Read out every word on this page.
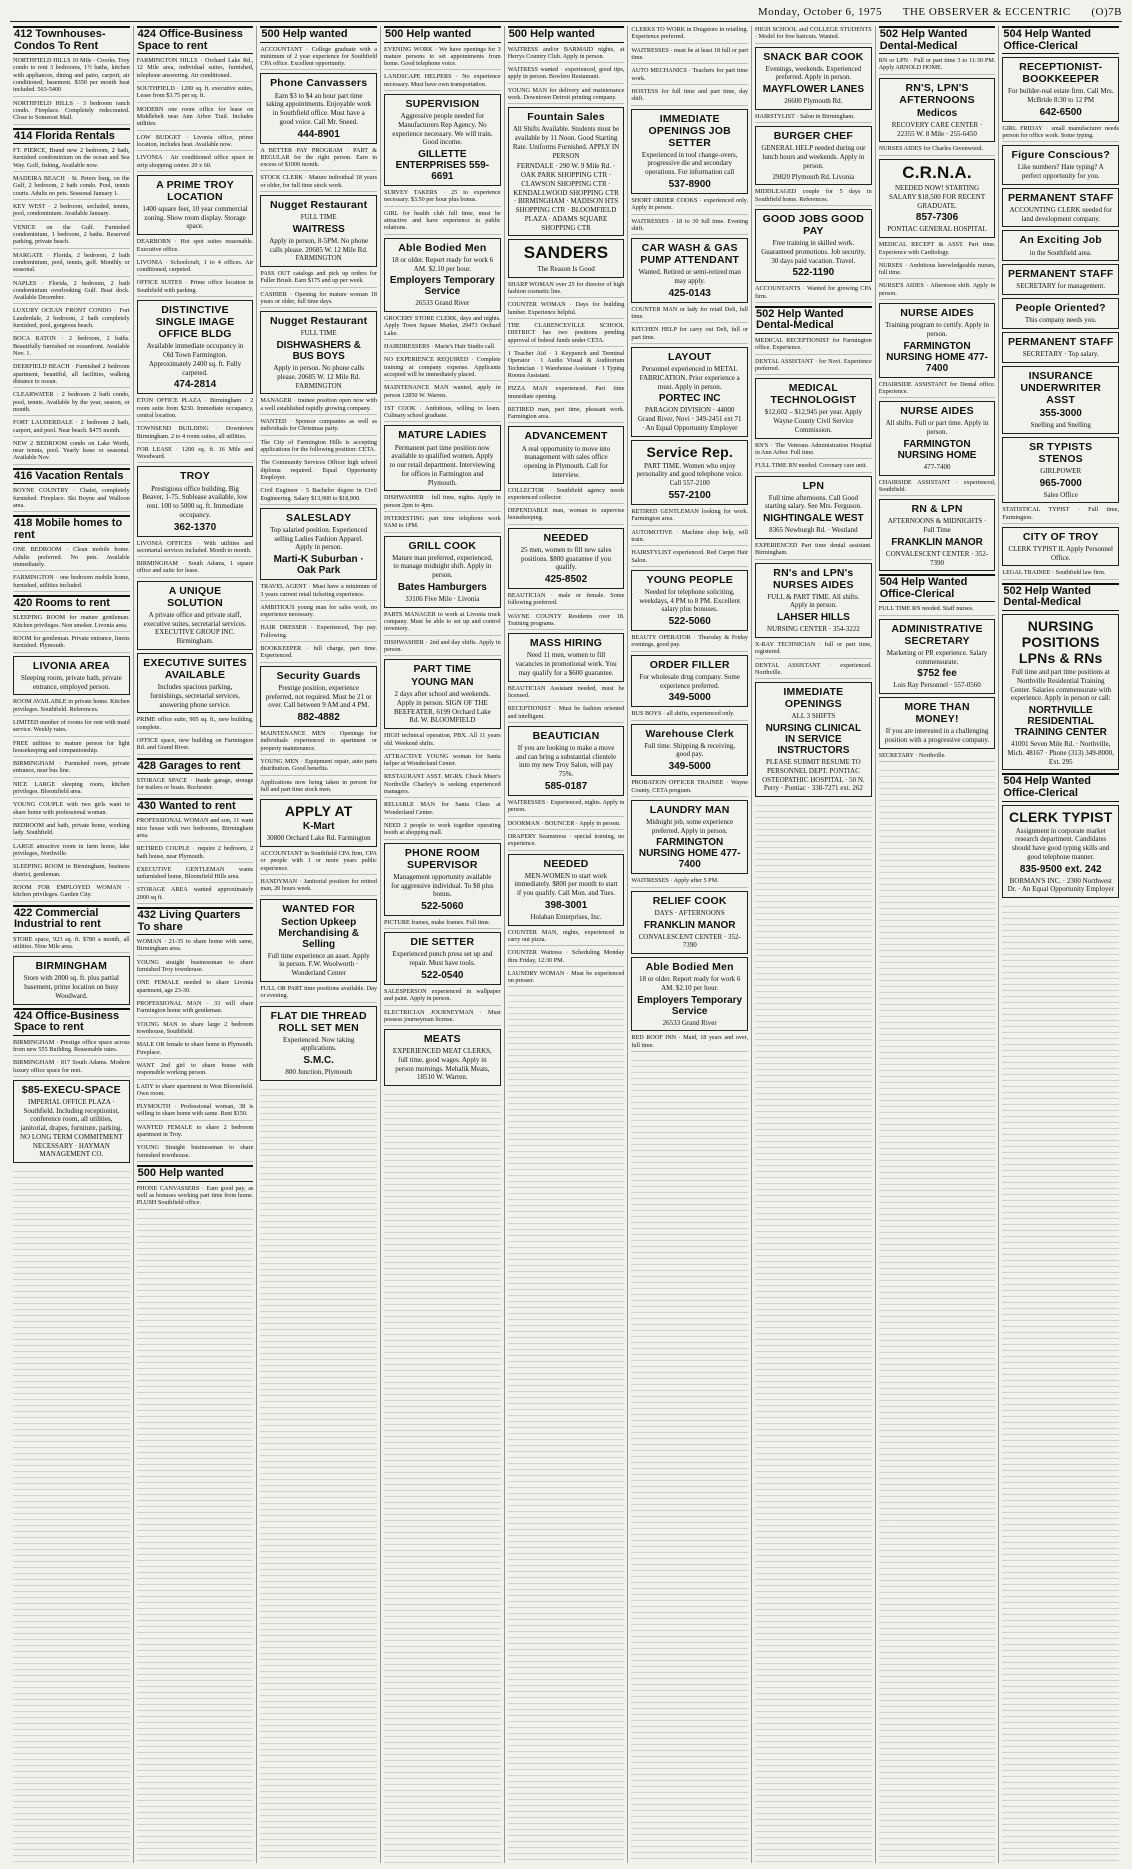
Monday, October 6, 1975 THE OBSERVER & ECCENTRIC (O)7B
412 Townhouses-Condos To Rent
NORTHFIELD HILLS 10 Mile · Crooks. Troy condo to rent 3 bedrooms, 1½ baths, kitchen with appliances, dining and patio, carport, air conditioned, basement. $350 per month heat included. 563-5400
NORTHFIELD HILLS · 3 bedroom ranch condo. Fireplace. Completely redecorated. Close to Somerset Mall.
414 Florida Rentals
FT. PIERCE, Brand new 2 bedroom, 2 bath, furnished condominium on the ocean and Sea Way. Golf, fishing, Available now.
MADEIRA BEACH · St. Peters burg, on the Gulf, 2 bedroom, 2 bath condo. Pool, tennis courts. Adults no pets. Seasonal January 1.
KEY WEST · 2 bedroom, secluded, tennis, pool, condominium. Available January.
VENICE on the Gulf. Furnished condominium, 1 bedroom, 2 baths. Reserved parking, private beach.
MARGATE · Florida, 2 bedroom, 2 bath condominium, pool, tennis, golf. Monthly or seasonal.
NAPLES · Florida, 2 bedroom, 2 bath condominium overlooking Gulf. Boat dock. Available December.
LUXURY OCEAN FRONT CONDO · Fort Lauderdale, 2 bedroom, 2 bath completely furnished, pool, gorgeous beach.
BOCA RATON · 2 bedroom, 2 baths. Beautifully furnished on oceanfront. Available Nov. 1.
DEERFIELD BEACH · Furnished 2 bedroom apartment, beautiful, all facilities, walking distance to ocean.
CLEARWATER · 2 bedroom 2 bath condo, pool, tennis. Available by the year, season, or month.
FORT LAUDERDALE · 2 bedroom 2 bath, carport, and pool. Near beach. $475 month.
NEW 2 BEDROOM condo on Lake Worth, near tennis, pool. Yearly lease or seasonal. Available Nov.
416 Vacation Rentals
BOYNE COUNTRY · Chalet, completely furnished. Fireplace. Ski Boyne and Walloon area.
418 Mobile homes to rent
ONE BEDROOM · Clean mobile home. Adults preferred. No pets. Available immediately.
FARMINGTON · one bedroom mobile home, furnished, utilities included.
420 Rooms to rent
SLEEPING ROOM for mature gentleman. Kitchen privileges. Non smoker. Livonia area.
ROOM for gentleman. Private entrance, linens furnished. Plymouth.
LIVONIA AREA
Sleeping room, private bath, private entrance, employed person.
ROOM AVAILABLE in private home. Kitchen privileges. Southfield. References.
LIMITED number of rooms for rent with maid service. Weekly rates.
FREE utilities to mature person for light housekeeping and companionship.
BIRMINGHAM · Furnished room, private entrance, near bus line.
NICE LARGE sleeping room, kitchen privileges. Bloomfield area.
YOUNG COUPLE with two girls want to share home with professional woman.
BEDROOM and bath, private home, working lady. Southfield.
LARGE attractive room in farm home, lake privileges, Northville.
SLEEPING ROOM in Birmingham, business district, gentleman.
ROOM FOR EMPLOYED WOMAN · kitchen privileges. Garden City.
422 Commercial Industrial to rent
STORE space, 923 sq. ft. $780 a month, all utilities. Nine Mile area.
BIRMINGHAM
Store with 2000 sq. ft. plus partial basement, prime location on busy Woodward.
424 Office-Business Space to rent
BIRMINGHAM · Prestige office space across from new 555 Building. Reasonable rates.
BIRMINGHAM · 817 South Adams. Modern luxury office space for rent.
$85-EXECU-SPACE
IMPERIAL OFFICE PLAZA · Southfield. Including receptionist, conference room, all utilities, janitorial, drapes, furniture, parking. NO LONG TERM COMMITMENT NECESSARY · HAYMAN MANAGEMENT CO.
424 Office-Business Space to rent
FARMINGTON HILLS · Orchard Lake Rd., 12 Mile area, individual suites, furnished, telephone answering. Air conditioned.
SOUTHFIELD · 1200 sq. ft. executive suites, Lease from $3.75 per sq. ft.
MODERN one room office for lease on Middlebelt near Ann Arbor Trail. Includes utilities.
LOW BUDGET · Livonia office, prime location, includes heat. Available now.
LIVONIA · Air conditioned office space in strip shopping center. 20 x 60.
A PRIME TROY LOCATION
1400 square feet, 10 year commercial zoning. Show room display. Storage space.
DEARBORN · Hot spot suites reasonable. Executive office.
LIVONIA · Schoolcraft, 1 to 4 offices. Air conditioned, carpeted.
OFFICE SUITES · Prime office location in Southfield with parking.
DISTINCTIVE SINGLE IMAGE OFFICE BLDG
Available immediate occupancy in Old Town Farmington. Approximately 2400 sq. ft. Fully carpeted.
474-2814
ETON OFFICE PLAZA · Birmingham · 2 room suite from $230. Immediate occupancy, central location.
TOWNSEND BUILDING · Downtown Birmingham. 2 to 4 room suites, all utilities.
FOR LEASE · 1200 sq. ft. 16 Mile and Woodward.
TROY
Prestigious office building, Big Beaver, 1-75. Sublease available, low rent. 100 to 5000 sq. ft. Immediate occupancy.
362-1370
LIVONIA OFFICES · With utilities and secretarial services included. Month to month.
BIRMINGHAM · South Adams, 1 square office and suite for lease.
A UNIQUE SOLUTION
A private office and private staff, executive suites, secretarial services. EXECUTIVE GROUP INC. Birmingham.
EXECUTIVE SUITES AVAILABLE
Includes spacious parking, furnishings, secretarial services, answering phone service.
PRIME office suite, 905 sq. ft., new building, complete.
OFFICE space, new building on Farmington Rd. and Grand River.
428 Garages to rent
STORAGE SPACE · Inside garage, storage for trailers or boats. Rochester.
430 Wanted to rent
PROFESSIONAL WOMAN and son, 11 want nice house with two bedrooms, Birmingham area.
RETIRED COUPLE · require 2 bedroom, 2 bath house, near Plymouth.
EXECUTIVE GENTLEMAN wants unfurnished home, Bloomfield Hills area.
STORAGE AREA wanted approximately 2000 sq ft.
432 Living Quarters To share
WOMAN · 21-35 to share home with same, Birmingham area.
YOUNG straight businessman to share furnished Troy townhouse.
ONE FEMALE needed to share Livonia apartment, age 23-30.
PROFESSIONAL MAN · 33 will share Farmington home with gentleman.
YOUNG MAN to share large 2 bedroom townhouse, Southfield.
MALE OR female to share home in Plymouth. Fireplace.
WANT 2nd girl to share house with responsible working person.
LADY to share apartment in West Bloomfield. Own room.
PLYMOUTH · Professional woman, 38 is willing to share home with same. Rent $150.
WANTED FEMALE to share 2 bedroom apartment in Troy.
YOUNG Straight businessman to share furnished townhouse.
500 Help wanted
PHONE CANVASSERS · Earn good pay, as well as bonuses working part time from home. PLUSH Southfield office.
500 Help wanted
ACCOUNTANT · College graduate with a minimum of 2 year experience for Southfield CPA office. Excellent opportunity.
Phone Canvassers
Earn $3 to $4 an hour part time taking appointments. Enjoyable work in Southfield office. Must have a good voice. Call Mr. Sneed.
444-8901
A BETTER PAY PROGRAM · PART & REGULAR for the right person. Earn in excess of $1000 month.
STOCK CLERK · Mature individual 18 years or older, for full time stock work.
Nugget Restaurant
FULL TIME
WAITRESS
Apply in person, 8-5PM. No phone calls please. 20685 W. 12 Mile Rd. FARMINGTON
PASS OUT catalogs and pick up orders for Fuller Brush. Earn $175 and up per week.
CASHIER · Opening for mature woman 18 years or older, full time days.
Nugget Restaurant
FULL TIME
DISHWASHERS & BUS BOYS
Apply in person. No phone calls please. 20685 W. 12 Mile Rd. FARMINGTON
MANAGER · trainee position open now with a well established rapidly growing company.
WANTED · Sponsor companies as well as individuals for Christmas party.
The City of Farmington Hills is accepting applications for the following position: CETA.
The Community Services Officer high school diploma required. Equal Opportunity Employer.
Civil Engineer · 5 Bachelor degree in Civil Engineering. Salary $13,900 to $18,900.
SALESLADY
Top salaried position. Experienced selling Ladies Fashion Apparel. Apply in person.
Marti-K Suburban · Oak Park
TRAVEL AGENT · Must have a minimum of 3 years current retail ticketing experience.
AMBITIOUS young man for sales work, no experience necessary.
HAIR DRESSER · Experienced, Top pay. Following.
BOOKKEEPER · full charge, part time. Experienced.
Security Guards
Prestige position, experience preferred, not required. Must be 21 or over. Call between 9 AM and 4 PM.
882-4882
MAINTENANCE MEN · Openings for individuals experienced in apartment or property maintenance.
YOUNG MEN · Equipment repair, auto parts distribution. Good benefits.
Applications now being taken in person for full and part time stock men.
APPLY AT
K-Mart
30800 Orchard Lake Rd. Farmington
ACCOUNTANT in Southfield CPA firm, CPA or people with 1 or more years public experience.
HANDYMAN · Janitorial position for retired man, 20 hours week.
WANTED FOR
Section Upkeep Merchandising & Selling
Full time experience an asset. Apply in person. F.W. Woolworth · Wonderland Center
FULL OR PART time positions available. Day or evening.
FLAT DIE THREAD ROLL SET MEN
Experienced. Now taking applications.
S.M.C.
800 Junction, Plymouth
500 Help wanted
EVENING WORK · We have openings for 3 mature persons to set appointments from home. Good telephone voice.
LANDSCAPE HELPERS · No experience necessary. Must have own transportation.
SUPERVISION
Aggressive people needed for Manufacturers Rep Agency. No experience necessary. We will train. Good income.
GILLETTE ENTERPRISES 559-6691
SURVEY TAKERS · 25 to experience necessary. $3.50 per hour plus bonus.
GIRL for health club full time, must be attractive and have experience in public relations.
Able Bodied Men
18 or older. Report ready for work 6 AM. $2.10 per hour.
Employers Temporary Service
26533 Grand River
GROCERY STORE CLERK, days and nights. Apply Town Square Market, 29473 Orchard Lake.
HAIRDRESSERS · Marie's Hair Studio call.
NO EXPERIENCE REQUIRED · Complete training at company expense. Applicants accepted will be immediately placed.
MAINTENANCE MAN wanted, apply in person 12850 W. Warren.
1ST COOK · Ambitious, willing to learn. Culinary school graduate.
MATURE LADIES
Permanent part time position now available to qualified women. Apply to our retail department. Interviewing for offices in Farmington and Plymouth.
DISHWASHER · full time, nights. Apply in person 2pm to 4pm.
INTERESTING part time telephone work 9AM to 1PM.
GRILL COOK
Mature man preferred, experienced, to manage midnight shift. Apply in person.
Bates Hamburgers
33106 Five Mile · Livonia
PARTS MANAGER to work at Livonia truck company. Must be able to set up and control inventory.
DISHWASHER · 2nd and day shifts. Apply in person.
PART TIME
YOUNG MAN
2 days after school and weekends. Apply in person. SIGN OF THE BEEFEATER, 6199 Orchard Lake Rd. W. BLOOMFIELD
HIGH technical operation, PBX. All 11 years old. Weekend shifts.
ATTRACTIVE YOUNG woman for Santa helper at Wonderland Center.
RESTAURANT ASST. MGRS. Chuck Muer's Northville Charley's is seeking experienced managers.
RELIABLE MAN for Santa Claus at Wonderland Center.
NEED 2 people to work together operating booth at shopping mall.
PHONE ROOM SUPERVISOR
Management opportunity available for aggressive individual. To $8 plus bonus.
522-5060
PICTURE frames, make frames. Full time.
DIE SETTER
Experienced punch press set up and repair. Must have tools.
522-0540
SALESPERSON experienced in wallpaper and paint. Apply in person.
ELECTRICIAN JOURNEYMAN · Must possess journeyman license.
MEATS
EXPERIENCED MEAT CLERKS, full time, good wages. Apply in person mornings. Mehalik Meats, 18510 W. Warren.
500 Help wanted
WAITRESS and/or BARMAID nights, at Herrys Country Club. Apply in person.
WAITRESS wanted · experienced, good tips, apply in person. Bowlero Restaurant.
YOUNG MAN for delivery and maintenance work. Downtown Detroit printing company.
Fountain Sales
All Shifts Available. Students must be available by 11 Noon. Good Starting Rate. Uniforms Furnished. APPLY IN PERSON
FERNDALE · 290 W. 9 Mile Rd. · OAK PARK SHOPPING CTR · CLAWSON SHOPPING CTR · KENDALLWOOD SHOPPING CTR · BIRMINGHAM · MADISON HTS SHOPPING CTR · BLOOMFIELD PLAZA · ADAMS SQUARE SHOPPING CTR
SANDERS
The Reason Is Good
SHARP WOMAN over 25 for director of high fashion cosmetic line.
COUNTER WOMAN · Days for building lumber. Experience helpful.
THE CLARENCEVILLE SCHOOL DISTRICT has two positions pending approval of federal funds under CETA.
1 Teacher Aid · 1 Keypunch and Terminal Operator · 1 Audio Visual & Auditorium Technician · 1 Warehouse Assistant · 1 Typing Rooms Assistant.
PIZZA MAN experienced. Part time immediate opening.
RETIRED man, part time, pleasant work. Farmington area.
ADVANCEMENT
A real opportunity to move into management with sales office opening in Plymouth. Call for interview.
COLLECTOR · Southfield agency needs experienced collector.
DEPENDABLE man, woman to supervise housekeeping.
NEEDED
25 men, women to fill new sales positions. $800 guarantee if you qualify.
425-8502
BEAUTICIAN · male or female. Some following preferred.
WAYNE COUNTY Residents over 18. Training programs.
MASS HIRING
Need 11 men, women to fill vacancies in promotional work. You may qualify for a $600 guarantee.
BEAUTICIAN Assistant needed, must be licensed.
RECEPTIONIST · Must be fashion oriented and intelligent.
BEAUTICIAN
If you are looking to make a move and can bring a substantial clientele into my new Troy Salon, will pay 75%.
585-0187
WAITRESSES · Experienced, nights. Apply in person.
DOORMAN · BOUNCER · Apply in person.
DRAPERY Seamstress · special training, no experience.
NEEDED
MEN-WOMEN to start work immediately. $800 per month to start if you qualify. Call Mon. and Tues.
398-3001
Holahan Enterprises, Inc.
COUNTER MAN, nights, experienced in carry out pizza.
COUNTER Waitress · Scheduling Monday thru Friday, 12:30 PM.
LAUNDRY WOMAN · Must be experienced on presser.
CLERKS TO WORK in Drugstore in retailing. Experience preferred.
WAITRESSES · must be at least 18 full or part time.
AUTO MECHANICS · Teachers for part time work.
HOSTESS for full time and part time, day shift.
IMMEDIATE OPENINGS JOB SETTER
Experienced in tool change-overs, progressive die and secondary operations. For information call
537-8900
SHORT ORDER COOKS · experienced only. Apply in person.
WAITRESSES · 18 to 30 full time. Evening shift.
CAR WASH & GAS PUMP ATTENDANT
Wanted. Retired or semi-retired man may apply.
425-0143
COUNTER MAN or lady for retail Deli, full time.
KITCHEN HELP for carry out Deli, full or part time.
LAYOUT
Personnel experienced in METAL FABRICATION. Prior experience a must. Apply in person.
PORTEC INC
PARAGON DIVISION · 44000 Grand River, Novi · 349-2451 ext 71 · An Equal Opportunity Employer
Service Rep.
PART TIME. Women who enjoy personality and good telephone voice. Call 557-2100
557-2100
RETIRED GENTLEMAN looking for work. Farmington area.
AUTOMOTIVE · Machine shop help, will train.
HAIRSTYLIST experienced. Red Carpet Hair Salon.
YOUNG PEOPLE
Needed for telephone soliciting, weekdays, 4 PM to 8 PM. Excellent salary plus bonuses.
522-5060
BEAUTY OPERATOR · Thursday & Friday evenings, good pay.
ORDER FILLER
For wholesale drug company. Some experience preferred.
349-5000
BUS BOYS · all shifts, experienced only.
Warehouse Clerk
Full time. Shipping & receiving, good pay.
349-5000
PROBATION OFFICER TRAINEE · Wayne County, CETA program.
LAUNDRY MAN
Midnight job, some experience preferred. Apply in person.
FARMINGTON NURSING HOME 477-7400
WAITRESSES · Apply after 5 PM.
RELIEF COOK
DAYS · AFTERNOONS
FRANKLIN MANOR
CONVALESCENT CENTER · 352-7390
Able Bodied Men
18 or older. Report ready for work 6 AM. $2.10 per hour.
Employers Temporary Service
26533 Grand River
RED ROOF INN · Maid, 18 years and over, full time.
HIGH SCHOOL and COLLEGE STUDENTS · Model for free haircuts. Wanted.
SNACK BAR COOK
Evenings, weekends. Experienced preferred. Apply in person.
MAYFLOWER LANES
26600 Plymouth Rd.
HAIRSTYLIST · Salon in Birmingham.
BURGER CHEF
GENERAL HELP needed during our lunch hours and weekends. Apply in person.
29820 Plymouth Rd. Livonia
MIDDLEAGED couple for 5 days in Southfield home. References.
GOOD JOBS GOOD PAY
Free training in skilled work. Guaranteed promotions. Job security. 30 days paid vacation. Travel.
522-1190
ACCOUNTANTS · Wanted for growing CPA firm.
502 Help Wanted Dental-Medical
MEDICAL RECEPTIONIST for Farmington office. Experience.
DENTAL ASSISTANT · for Novi. Experience preferred.
MEDICAL TECHNOLOGIST
$12,602 – $12,945 per year. Apply Wayne County Civil Service Commission.
RN'S · The Veterans Administration Hospital in Ann Arbor. Full time.
FULL TIME RN needed. Coronary care unit.
LPN
Full time afternoons. Call Good starting salary. See Mrs. Ferguson.
NIGHTINGALE WEST
8365 Newburgh Rd. · Westland
EXPERIENCED Part time dental assistant. Birmingham.
RN's and LPN's NURSES AIDES
FULL & PART TIME. All shifts. Apply in person.
LAHSER HILLS
NURSING CENTER · 354-3222
X-RAY TECHNICIAN · full or part time, registered.
DENTAL ASSISTANT · experienced. Northville.
IMMEDIATE OPENINGS
ALL 3 SHIFTS
NURSING CLINICAL IN SERVICE INSTRUCTORS
PLEASE SUBMIT RESUME TO PERSONNEL DEPT. PONTIAC OSTEOPATHIC HOSPITAL · 50 N. Perry · Pontiac · 338-7271 ext. 262
502 Help Wanted Dental-Medical
RN or LPN · Full or part time 3 to 11:30 PM. Apply ARNOLD HOME.
RN'S, LPN'S AFTERNOONS
Medicos
RECOVERY CARE CENTER · 22355 W. 8 Mile · 255-6450
NURSES AIDES for Charles Greenwood.
C.R.N.A.
NEEDED NOW! STARTING SALARY $18,500 FOR RECENT GRADUATE.
857-7306
PONTIAC GENERAL HOSPITAL
MEDICAL RECEPT & ASST. Part time. Experience with Cardiology.
NURSES · Ambitious knowledgeable nurses, full time.
NURSE'S AIDES · Afternoon shift. Apply in person.
NURSE AIDES
Training program to certify. Apply in person.
FARMINGTON NURSING HOME 477-7400
CHAIRSIDE ASSISTANT for Dental office. Experience.
NURSE AIDES
All shifts. Full or part time. Apply in person.
FARMINGTON NURSING HOME
477-7400
CHAIRSIDE ASSISTANT · experienced, Southfield.
RN & LPN
AFTERNOONS & MIDNIGHTS · Full Time
FRANKLIN MANOR
CONVALESCENT CENTER · 352-7390
504 Help Wanted Office-Clerical
FULL TIME RN needed. Staff nurses.
ADMINISTRATIVE SECRETARY
Marketing or PR experience. Salary commensurate.
$752 fee
Lois Ray Personnel · 557-0560
MORE THAN MONEY!
If you are interested in a challenging position with a progressive company.
SECRETARY · Northville.
504 Help Wanted Office-Clerical
RECEPTIONIST-BOOKKEEPER
For builder-real estate firm. Call Mrs. McBride 8:30 to 12 PM
642-6500
GIRL FRIDAY · small manufacturer needs person for office work. Some typing.
Figure Conscious?
Like numbers? Hate typing? A perfect opportunity for you.
PERMANENT STAFF
ACCOUNTING CLERK needed for land development company.
An Exciting Job
in the Southfield area.
PERMANENT STAFF
SECRETARY for management.
People Oriented?
This company needs you.
PERMANENT STAFF
SECRETARY · Top salary.
INSURANCE UNDERWRITER ASST
355-3000
Snelling and Snelling
SR TYPISTS STENOS
GIRLPOWER
965-7000
Sales Office
STATISTICAL TYPIST · Full time, Farmington.
CITY OF TROY
CLERK TYPIST II. Apply Personnel Office.
LEGAL TRAINEE · Southfield law firm.
502 Help Wanted Dental-Medical
NURSING POSITIONS LPNs & RNs
Full time and part time positions at Northville Residential Training Center. Salaries commensurate with experience. Apply in person or call:
NORTHVILLE RESIDENTIAL TRAINING CENTER
41001 Seven Mile Rd. · Northville, Mich. 48167 · Phone (313) 349-8000, Ext. 295
504 Help Wanted Office-Clerical
CLERK TYPIST
Assignment in corporate market research department. Candidates should have good typing skills and good telephone manner.
835-9500 ext. 242
BORMAN'S INC. · 2300 Northwest Dr. · An Equal Opportunity Employer
